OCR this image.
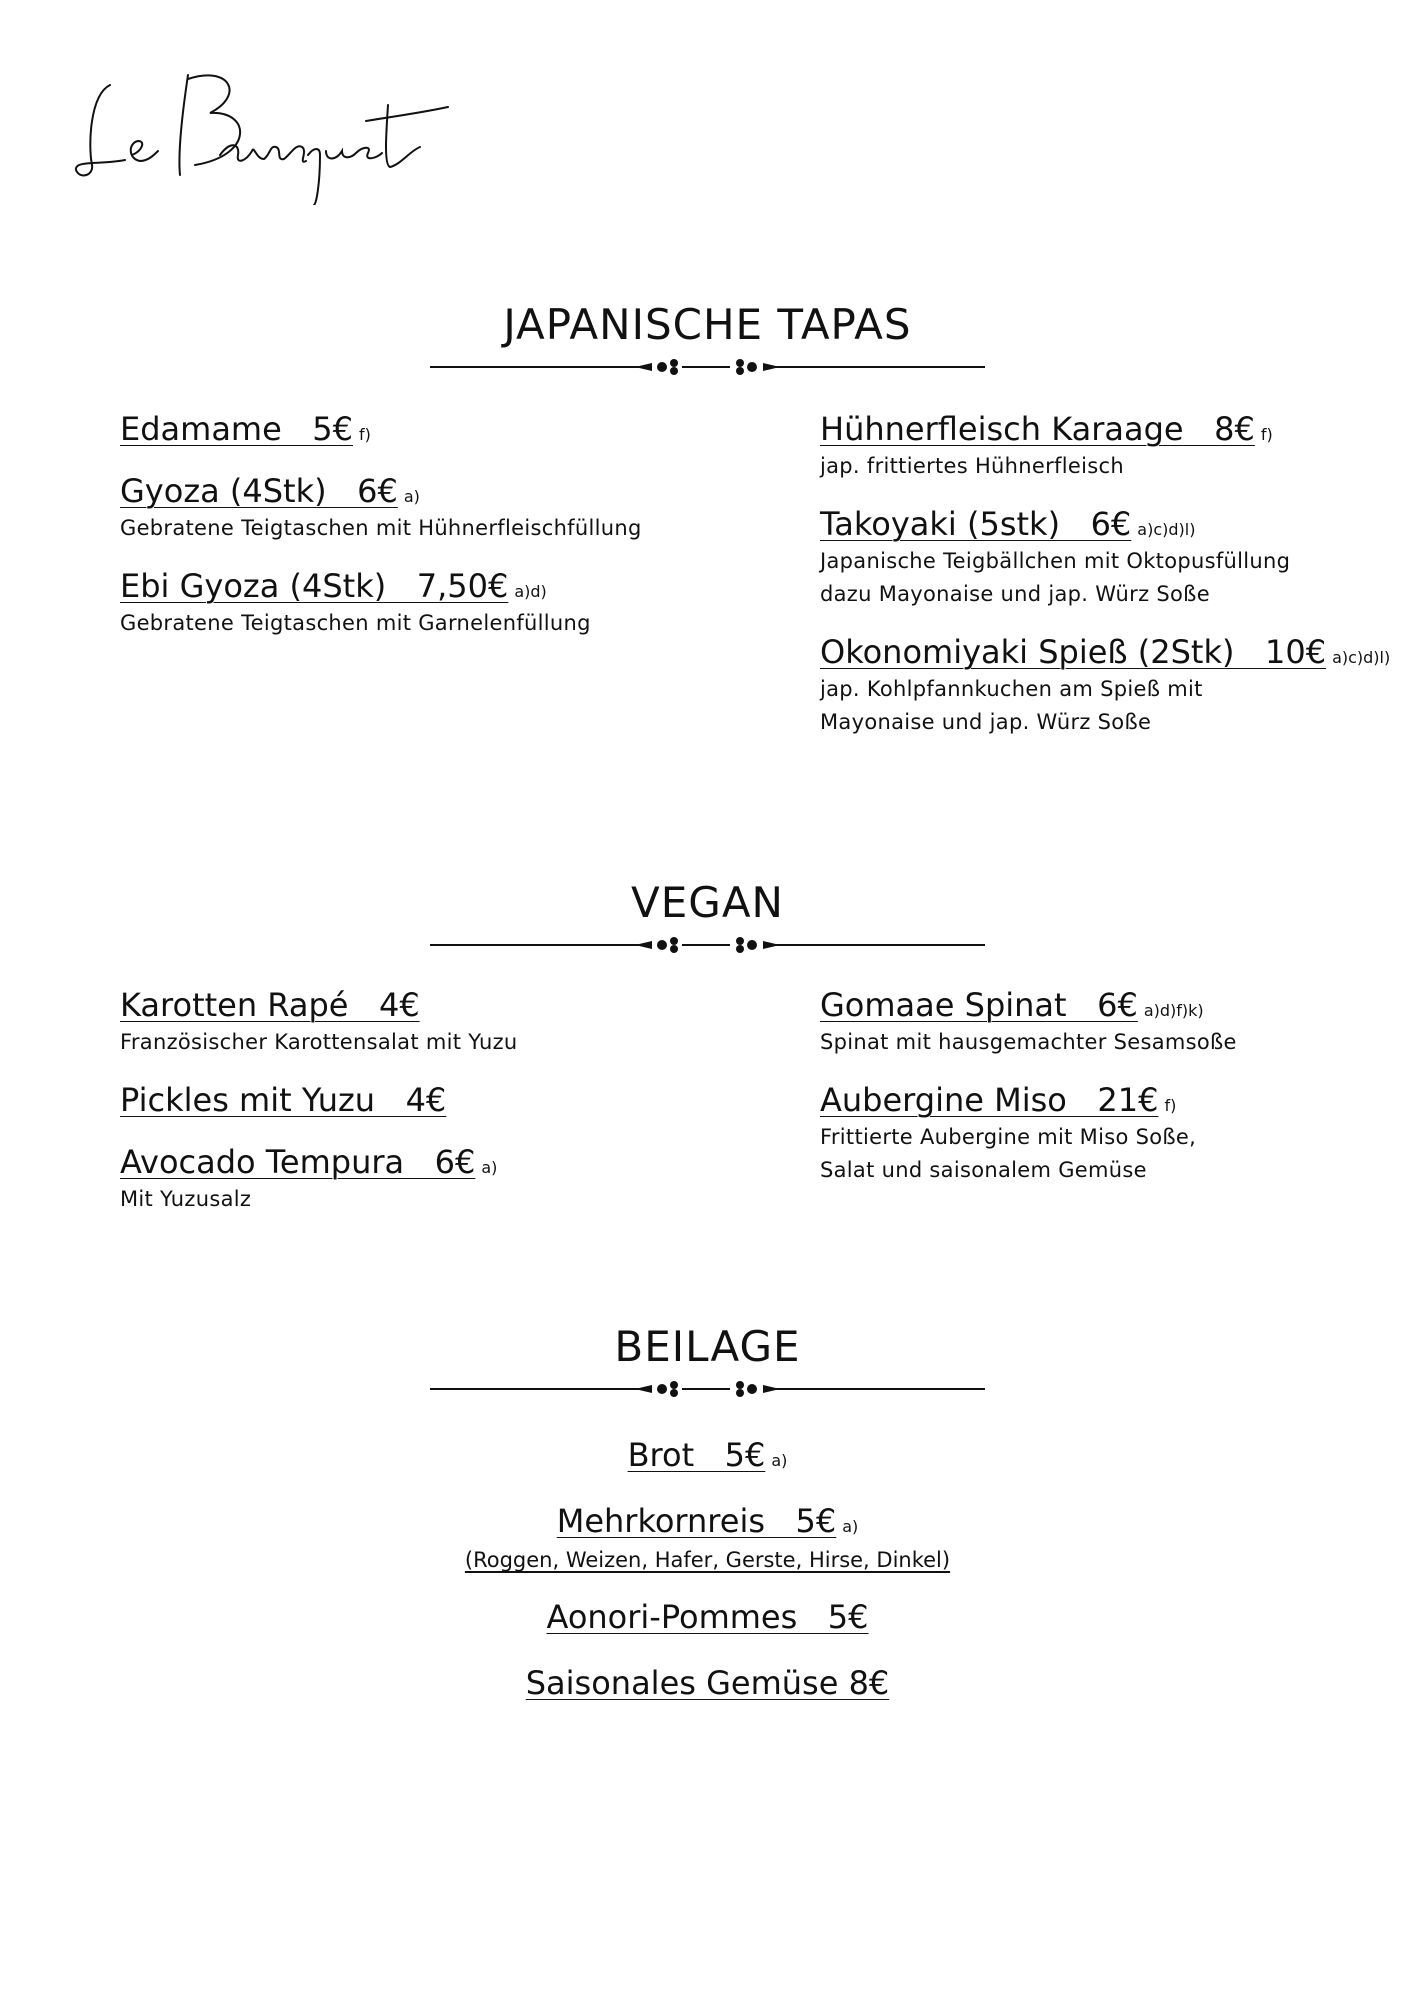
JAPANISCHE TAPAS
Edamame   5€ f)
Gyoza (4Stk)   6€ a)
Gebratene Teigtaschen mit Hühnerfleischfüllung
Ebi Gyoza (4Stk)   7,50€ a)d)
Gebratene Teigtaschen mit Garnelenfüllung
Hühnerfleisch Karaage   8€ f)
jap. frittiertes Hühnerfleisch
Takoyaki (5stk)   6€ a)c)d)l)
Japanische Teigbällchen mit Oktopusfüllung
dazu Mayonaise und jap. Würz Soße
Okonomiyaki Spieß (2Stk)   10€ a)c)d)l)
jap. Kohlpfannkuchen am Spieß mit
Mayonaise und jap. Würz Soße
VEGAN
Karotten Rapé   4€
Französischer Karottensalat mit Yuzu
Pickles mit Yuzu   4€
Avocado Tempura   6€ a)
Mit Yuzusalz
Gomaae Spinat   6€ a)d)f)k)
Spinat mit hausgemachter Sesamsoße
Aubergine Miso   21€ f)
Frittierte Aubergine mit Miso Soße,
Salat und saisonalem Gemüse
BEILAGE
Brot   5€ a)
Mehrkornreis   5€ a)
(Roggen, Weizen, Hafer, Gerste, Hirse, Dinkel)
Aonori-Pommes   5€
Saisonales Gemüse 8€
